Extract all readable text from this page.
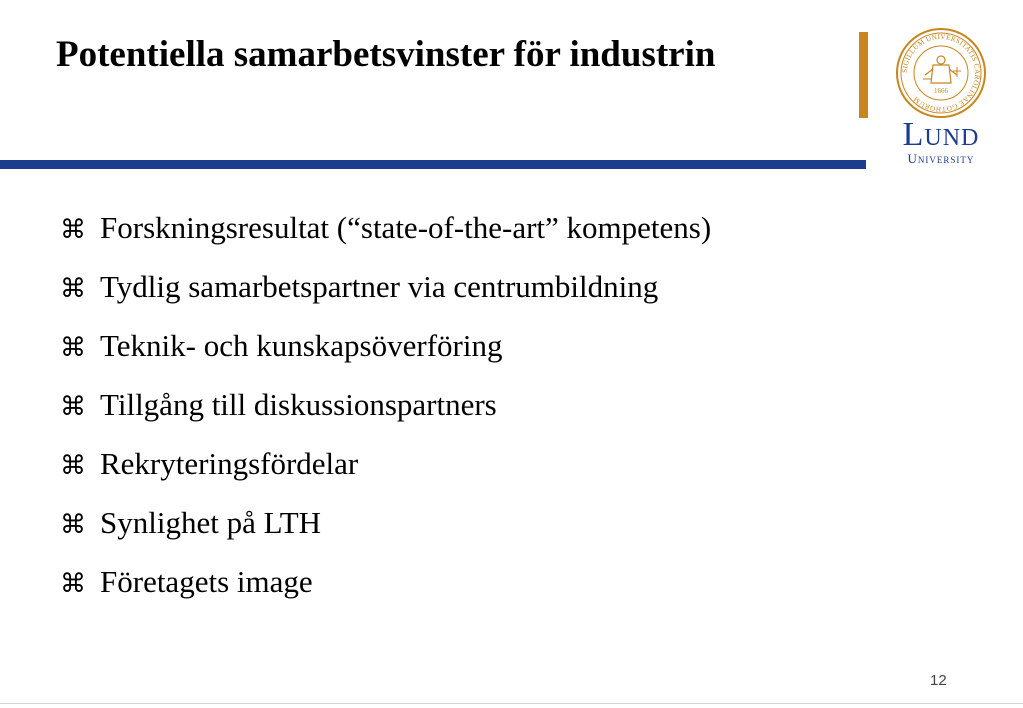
Potentiella samarbetsvinster för industrin	SIGILLUM UNIVERSITATIS CAROLINAE GOTHORUM
1666
Lund
University
⌘ Forskningsresultat (“state-of-the-art” kompetens)
⌘ Tydlig samarbetspartner via centrumbildning
⌘ Teknik- och kunskapsöverföring
⌘ Tillgång till diskussionspartners
⌘ Rekryteringsfördelar
⌘ Synlighet på LTH
⌘ Företagets image
12
